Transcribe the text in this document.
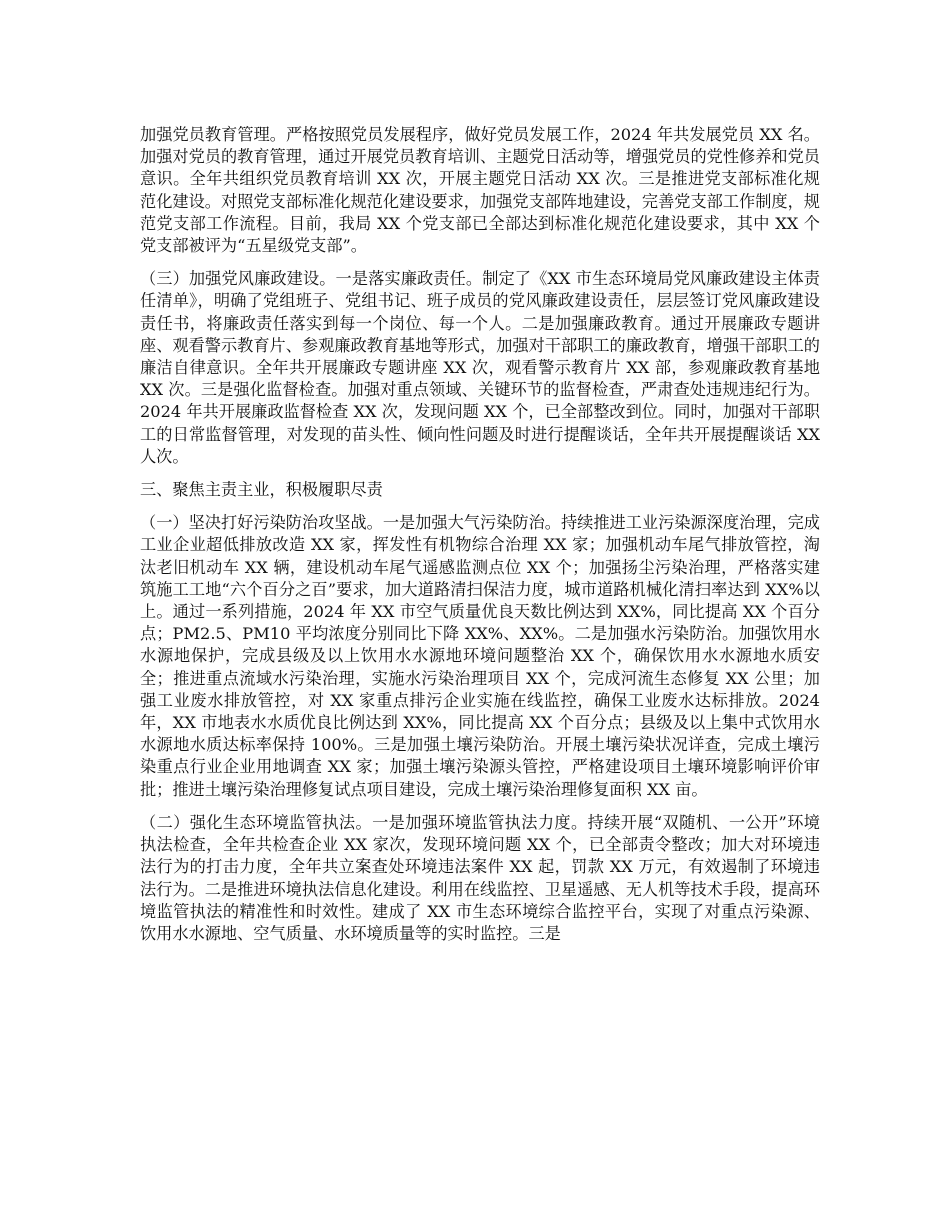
加强党员教育管理。严格按照党员发展程序，做好党员发展工作，2024 年共发展党员 XX 名。加强对党员的教育管理，通过开展党员教育培训、主题党日活动等，增强党员的党性修养和党员意识。全年共组织党员教育培训 XX 次，开展主题党日活动 XX 次。三是推进党支部标准化规范化建设。对照党支部标准化规范化建设要求，加强党支部阵地建设，完善党支部工作制度，规范党支部工作流程。目前，我局 XX 个党支部已全部达到标准化规范化建设要求，其中 XX 个党支部被评为“五星级党支部”。

（三）加强党风廉政建设。一是落实廉政责任。制定了《XX 市生态环境局党风廉政建设主体责任清单》，明确了党组班子、党组书记、班子成员的党风廉政建设责任，层层签订党风廉政建设责任书，将廉政责任落实到每一个岗位、每一个人。二是加强廉政教育。通过开展廉政专题讲座、观看警示教育片、参观廉政教育基地等形式，加强对干部职工的廉政教育，增强干部职工的廉洁自律意识。全年共开展廉政专题讲座 XX 次，观看警示教育片 XX 部，参观廉政教育基地 XX 次。三是强化监督检查。加强对重点领域、关键环节的监督检查，严肃查处违规违纪行为。2024 年共开展廉政监督检查 XX 次，发现问题 XX 个，已全部整改到位。同时，加强对干部职工的日常监督管理，对发现的苗头性、倾向性问题及时进行提醒谈话，全年共开展提醒谈话 XX 人次。

三、聚焦主责主业，积极履职尽责

（一）坚决打好污染防治攻坚战。一是加强大气污染防治。持续推进工业污染源深度治理，完成工业企业超低排放改造 XX 家，挥发性有机物综合治理 XX 家；加强机动车尾气排放管控，淘汰老旧机动车 XX 辆，建设机动车尾气遥感监测点位 XX 个；加强扬尘污染治理，严格落实建筑施工工地“六个百分之百”要求，加大道路清扫保洁力度，城市道路机械化清扫率达到 XX%以上。通过一系列措施，2024 年 XX 市空气质量优良天数比例达到 XX%，同比提高 XX 个百分点；PM2.5、PM10 平均浓度分别同比下降 XX%、XX%。二是加强水污染防治。加强饮用水水源地保护，完成县级及以上饮用水水源地环境问题整治 XX 个，确保饮用水水源地水质安全；推进重点流域水污染治理，实施水污染治理项目 XX 个，完成河流生态修复 XX 公里；加强工业废水排放管控，对 XX 家重点排污企业实施在线监控，确保工业废水达标排放。2024 年，XX 市地表水水质优良比例达到 XX%，同比提高 XX 个百分点；县级及以上集中式饮用水水源地水质达标率保持 100%。三是加强土壤污染防治。开展土壤污染状况详查，完成土壤污染重点行业企业用地调查 XX 家；加强土壤污染源头管控，严格建设项目土壤环境影响评价审批；推进土壤污染治理修复试点项目建设，完成土壤污染治理修复面积 XX 亩。

（二）强化生态环境监管执法。一是加强环境监管执法力度。持续开展“双随机、一公开”环境执法检查，全年共检查企业 XX 家次，发现环境问题 XX 个，已全部责令整改；加大对环境违法行为的打击力度，全年共立案查处环境违法案件 XX 起，罚款 XX 万元，有效遏制了环境违法行为。二是推进环境执法信息化建设。利用在线监控、卫星遥感、无人机等技术手段，提高环境监管执法的精准性和时效性。建成了 XX 市生态环境综合监控平台，实现了对重点污染源、饮用水水源地、空气质量、水环境质量等的实时监控。三是
